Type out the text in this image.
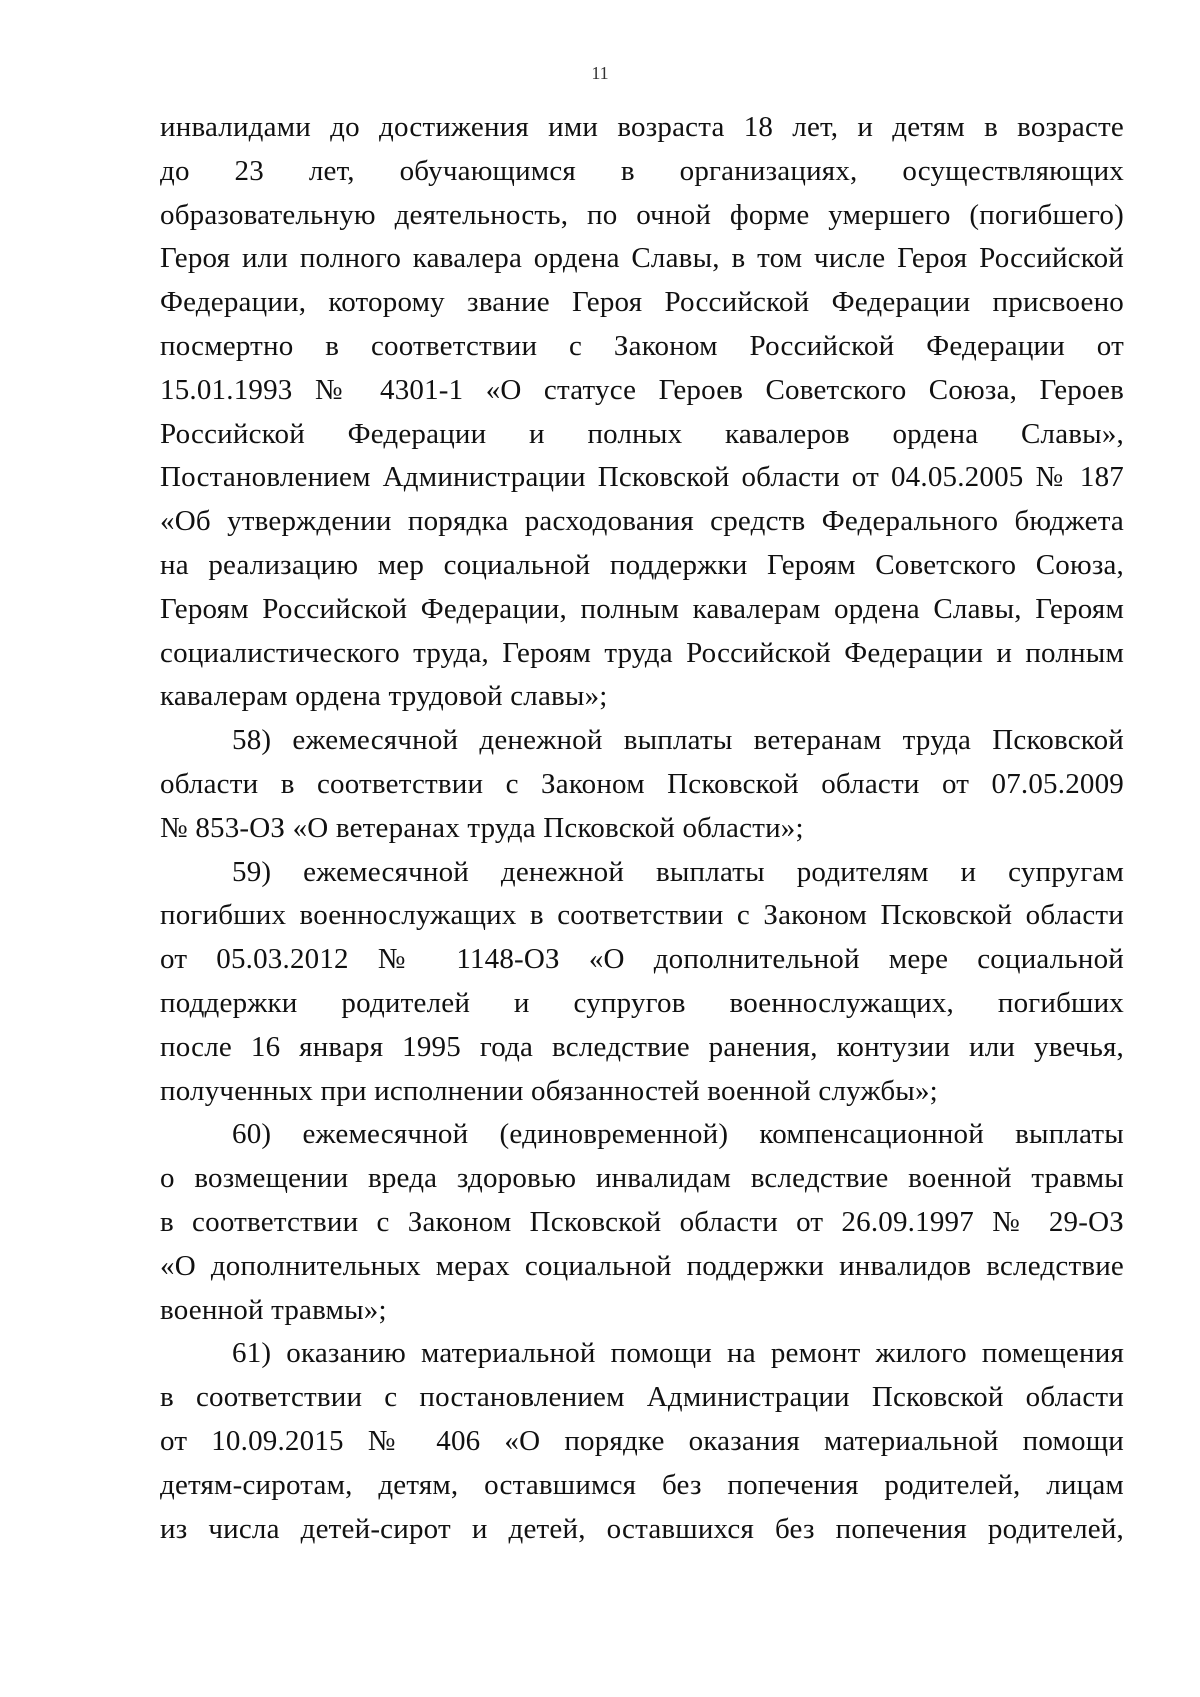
11
инвалидами до достижения ими возраста 18 лет, и детям в возрасте
до 23 лет, обучающимся в организациях, осуществляющих
образовательную деятельность, по очной форме умершего (погибшего)
Героя или полного кавалера ордена Славы, в том числе Героя Российской
Федерации, которому звание Героя Российской Федерации присвоено
посмертно в соответствии с Законом Российской Федерации от
15.01.1993 № 4301-1 «О статусе Героев Советского Союза, Героев
Российской Федерации и полных кавалеров ордена Славы»,
Постановлением Администрации Псковской области от 04.05.2005 № 187
«Об утверждении порядка расходования средств Федерального бюджета
на реализацию мер социальной поддержки Героям Советского Союза,
Героям Российской Федерации, полным кавалерам ордена Славы, Героям
социалистического труда, Героям труда Российской Федерации и полным
кавалерам ордена трудовой славы»;
58) ежемесячной денежной выплаты ветеранам труда Псковской
области в соответствии с Законом Псковской области от 07.05.2009
№ 853-ОЗ «О ветеранах труда Псковской области»;
59) ежемесячной денежной выплаты родителям и супругам
погибших военнослужащих в соответствии с Законом Псковской области
от 05.03.2012 № 1148-ОЗ «О дополнительной мере социальной
поддержки родителей и супругов военнослужащих, погибших
после 16 января 1995 года вследствие ранения, контузии или увечья,
полученных при исполнении обязанностей военной службы»;
60) ежемесячной (единовременной) компенсационной выплаты
о возмещении вреда здоровью инвалидам вследствие военной травмы
в соответствии с Законом Псковской области от 26.09.1997 № 29-ОЗ
«О дополнительных мерах социальной поддержки инвалидов вследствие
военной травмы»;
61) оказанию материальной помощи на ремонт жилого помещения
в соответствии с постановлением Администрации Псковской области
от 10.09.2015 № 406 «О порядке оказания материальной помощи
детям-сиротам, детям, оставшимся без попечения родителей, лицам
из числа детей-сирот и детей, оставшихся без попечения родителей,
